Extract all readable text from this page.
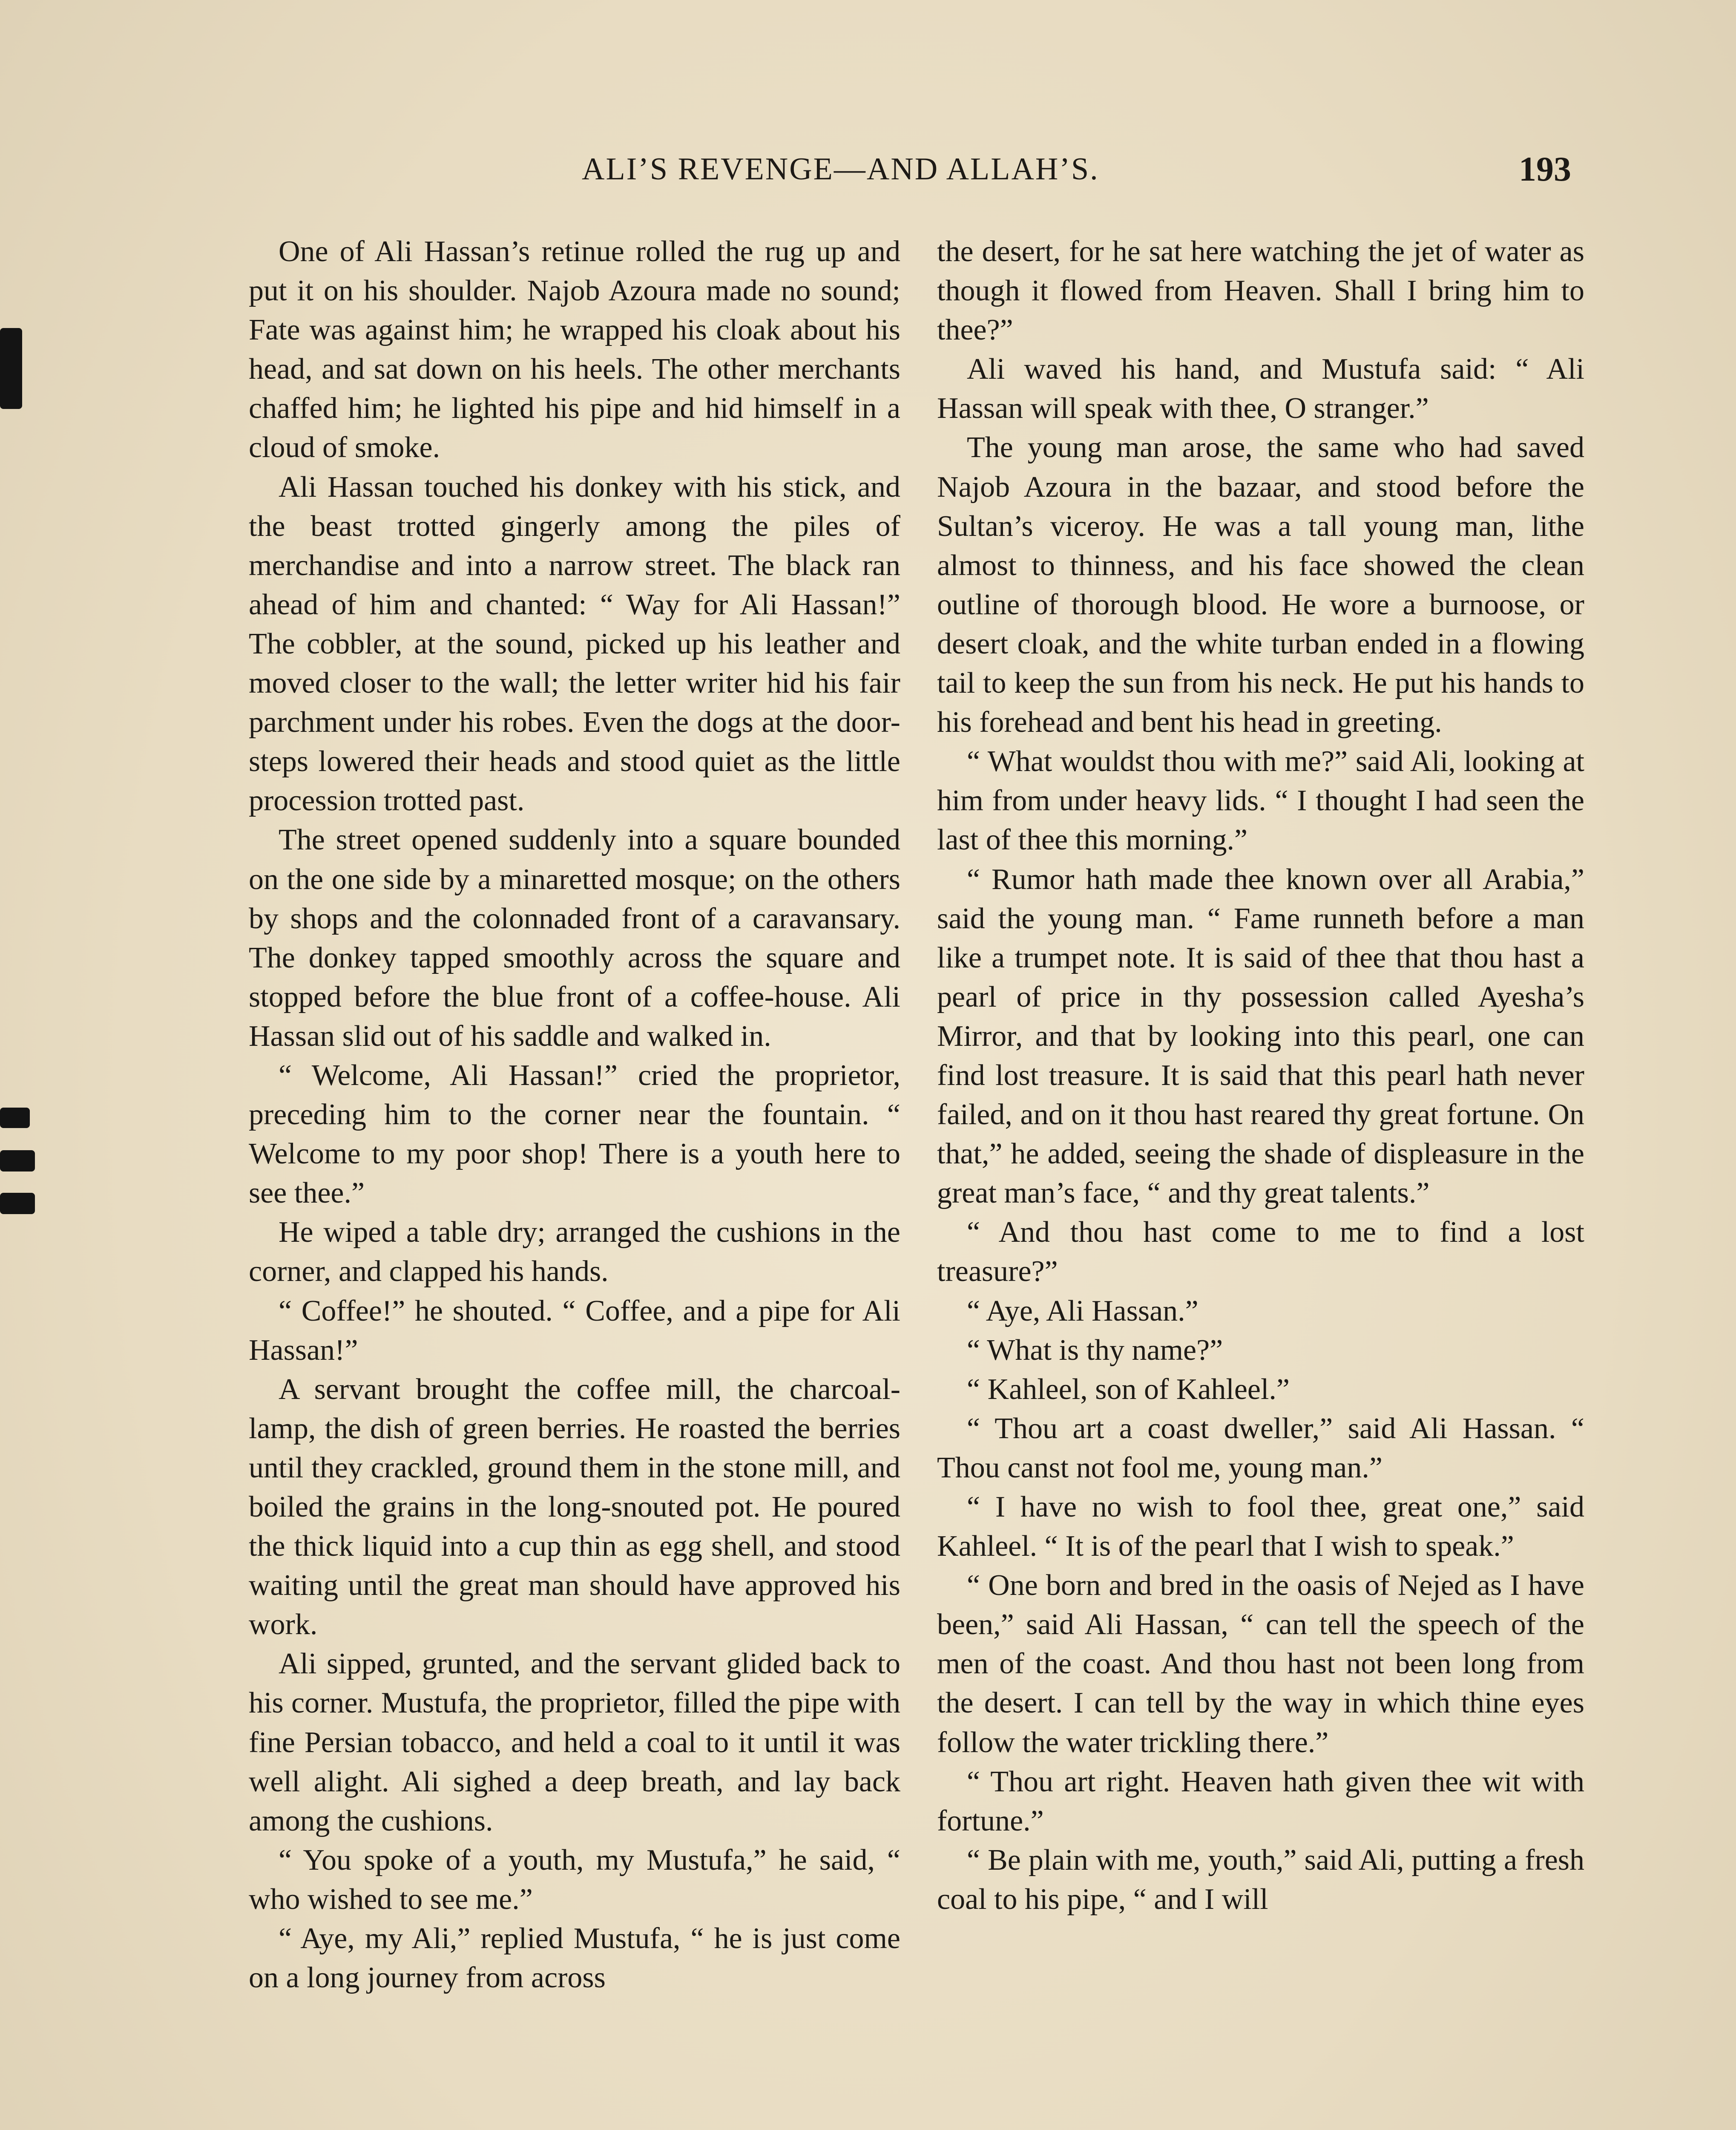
ALI’S REVENGE—AND ALLAH’S.	193

One of Ali Hassan’s retinue rolled the rug up and put it on his shoulder. Najob Azoura made no sound; Fate was against him; he wrapped his cloak about his head, and sat down on his heels. The other merchants chaffed him; he lighted his pipe and hid himself in a cloud of smoke.

Ali Hassan touched his donkey with his stick, and the beast trotted gingerly among the piles of merchandise and into a narrow street. The black ran ahead of him and chanted: “ Way for Ali Hassan!” The cobbler, at the sound, picked up his leather and moved closer to the wall; the letter writer hid his fair parchment under his robes. Even the dogs at the door-steps lowered their heads and stood quiet as the little procession trotted past.

The street opened suddenly into a square bounded on the one side by a minaretted mosque; on the others by shops and the colonnaded front of a caravansary. The donkey tapped smoothly across the square and stopped before the blue front of a coffee-house. Ali Hassan slid out of his saddle and walked in.

“ Welcome, Ali Hassan!” cried the proprietor, preceding him to the corner near the fountain. “ Welcome to my poor shop! There is a youth here to see thee.”

He wiped a table dry; arranged the cushions in the corner, and clapped his hands.

“ Coffee!” he shouted. “ Coffee, and a pipe for Ali Hassan!”

A servant brought the coffee mill, the charcoal-lamp, the dish of green berries. He roasted the berries until they crackled, ground them in the stone mill, and boiled the grains in the long-snouted pot. He poured the thick liquid into a cup thin as egg shell, and stood waiting until the great man should have approved his work.

Ali sipped, grunted, and the servant glided back to his corner. Mustufa, the proprietor, filled the pipe with fine Persian tobacco, and held a coal to it until it was well alight. Ali sighed a deep breath, and lay back among the cushions.

“ You spoke of a youth, my Mustufa,” he said, “ who wished to see me.”

“ Aye, my Ali,” replied Mustufa, “ he is just come on a long journey from across

the desert, for he sat here watching the jet of water as though it flowed from Heaven. Shall I bring him to thee?”

Ali waved his hand, and Mustufa said: “ Ali Hassan will speak with thee, O stranger.”

The young man arose, the same who had saved Najob Azoura in the bazaar, and stood before the Sultan’s viceroy. He was a tall young man, lithe almost to thinness, and his face showed the clean outline of thorough blood. He wore a burnoose, or desert cloak, and the white turban ended in a flowing tail to keep the sun from his neck. He put his hands to his forehead and bent his head in greeting.

“ What wouldst thou with me?” said Ali, looking at him from under heavy lids. “ I thought I had seen the last of thee this morning.”

“ Rumor hath made thee known over all Arabia,” said the young man. “ Fame runneth before a man like a trumpet note. It is said of thee that thou hast a pearl of price in thy possession called Ayesha’s Mirror, and that by looking into this pearl, one can find lost treasure. It is said that this pearl hath never failed, and on it thou hast reared thy great fortune. On that,” he added, seeing the shade of displeasure in the great man’s face, “ and thy great talents.”

“ And thou hast come to me to find a lost treasure?”

“ Aye, Ali Hassan.”

“ What is thy name?”

“ Kahleel, son of Kahleel.”

“ Thou art a coast dweller,” said Ali Hassan. “ Thou canst not fool me, young man.”

“ I have no wish to fool thee, great one,” said Kahleel. “ It is of the pearl that I wish to speak.”

“ One born and bred in the oasis of Nejed as I have been,” said Ali Hassan, “ can tell the speech of the men of the coast. And thou hast not been long from the desert. I can tell by the way in which thine eyes follow the water trickling there.”

“ Thou art right. Heaven hath given thee wit with fortune.”

“ Be plain with me, youth,” said Ali, putting a fresh coal to his pipe, “ and I will
